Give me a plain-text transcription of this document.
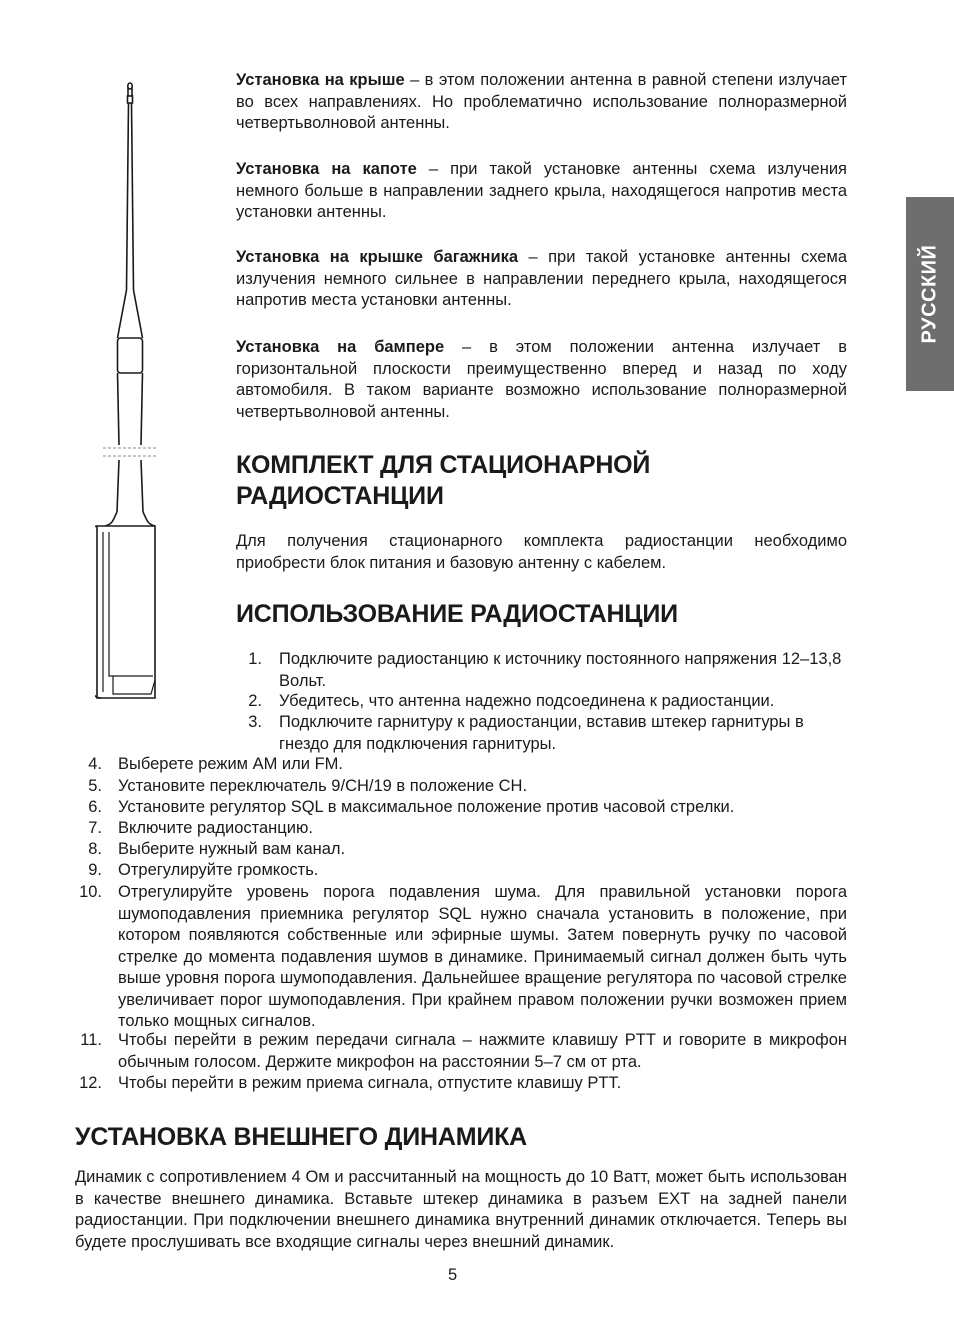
РУССКИЙ

Установка на крыше – в этом положении антенна в равной степени излучает во всех направлениях. Но проблематично использование полноразмерной четвертьволновой антенны.

Установка на капоте – при такой установке антенны схема излучения немного больше в направлении заднего крыла, находящегося напротив места установки антенны.

Установка на крышке багажника – при такой установке антенны схема излучения немного сильнее в направлении переднего крыла, находящегося напротив места установки антенны.

Установка на бампере – в этом положении антенна излучает в горизонтальной плоскости преимущественно вперед и назад по ходу автомобиля. В таком варианте возможно использование полноразмерной четвертьволновой антенны.

КОМПЛЕКТ ДЛЯ СТАЦИОНАРНОЙ РАДИОСТАНЦИИ

Для получения стационарного комплекта радиостанции необходимо приобрести блок питания и базовую антенну с кабелем.

ИСПОЛЬЗОВАНИЕ РАДИОСТАНЦИИ
1. Подключите радиостанцию к источнику постоянного напряжения 12–13,8 Вольт.
2. Убедитесь, что антенна надежно подсоединена к радиостанции.
3. Подключите гарнитуру к радиостанции, вставив штекер гарнитуры в гнездо для подключения гарнитуры.
4. Выберете режим АМ или FM.
5. Установите переключатель 9/CH/19 в положение CH.
6. Установите регулятор SQL в максимальное положение против часовой стрелки.
7. Включите радиостанцию.
8. Выберите нужный вам канал.
9. Отрегулируйте громкость.
10. Отрегулируйте уровень порога подавления шума. Для правильной установки порога шумоподавления приемника регулятор SQL нужно сначала установить в положение, при котором появляются собственные или эфирные шумы. Затем повернуть ручку по часовой стрелке до момента подавления шумов в динамике. Принимаемый сигнал должен быть чуть выше уровня порога шумоподавления. Дальнейшее вращение регулятора по часовой стрелке увеличивает порог шумоподавления. При крайнем правом положении ручки возможен прием только мощных сигналов.
11. Чтобы перейти в режим передачи сигнала – нажмите клавишу PTT и говорите в микрофон обычным голосом. Держите микрофон на расстоянии 5–7 см от рта.
12. Чтобы перейти в режим приема сигнала, отпустите клавишу PTT.
УСТАНОВКА ВНЕШНЕГО ДИНАМИКА

Динамик с сопротивлением 4 Ом и рассчитанный на мощность до 10 Ватт, может быть использован в качестве внешнего динамика. Вставьте штекер динамика в разъем EXT на задней панели радиостанции. При подключении внешнего динамика внутренний динамик отключается. Теперь вы будете прослушивать все входящие сигналы через внешний динамик.

5
